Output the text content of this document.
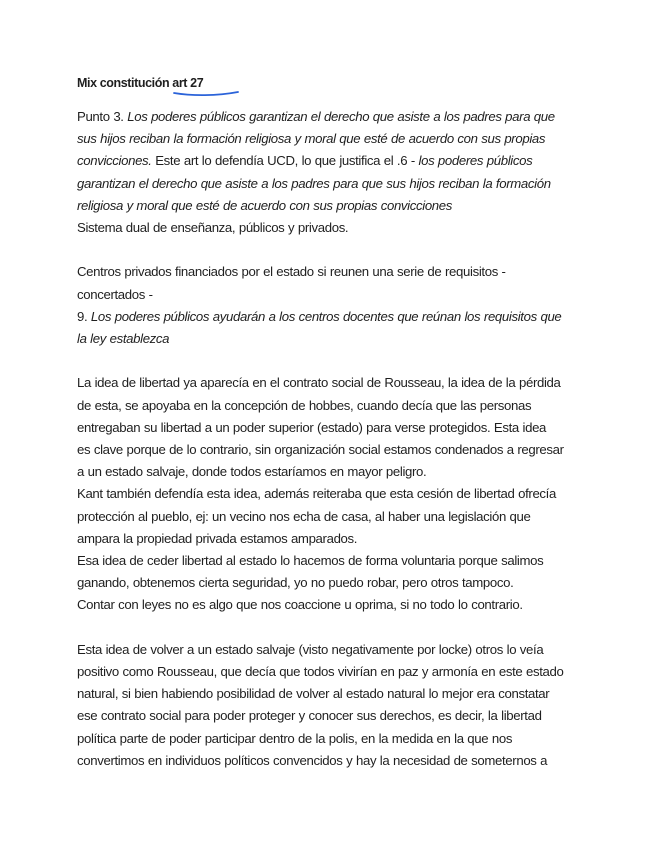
Mix constitución art 27

Punto 3. Los poderes públicos garantizan el derecho que asiste a los padres para que
sus hijos reciban la formación religiosa y moral que esté de acuerdo con sus propias
convicciones. Este art lo defendía UCD, lo que justifica el .6 - los poderes públicos
garantizan el derecho que asiste a los padres para que sus hijos reciban la formación
religiosa y moral que esté de acuerdo con sus propias convicciones
Sistema dual de enseñanza, públicos y privados.

Centros privados financiados por el estado si reunen una serie de requisitos -
concertados -
9. Los poderes públicos ayudarán a los centros docentes que reúnan los requisitos que
la ley establezca

La idea de libertad ya aparecía en el contrato social de Rousseau, la idea de la pérdida
de esta, se apoyaba en la concepción de hobbes, cuando decía que las personas
entregaban su libertad a un poder superior (estado) para verse protegidos. Esta idea
es clave porque de lo contrario, sin organización social estamos condenados a regresar
a un estado salvaje, donde todos estaríamos en mayor peligro.
Kant también defendía esta idea, además reiteraba que esta cesión de libertad ofrecía
protección al pueblo, ej: un vecino nos echa de casa, al haber una legislación que
ampara la propiedad privada estamos amparados.
Esa idea de ceder libertad al estado lo hacemos de forma voluntaria porque salimos
ganando, obtenemos cierta seguridad, yo no puedo robar, pero otros tampoco.
Contar con leyes no es algo que nos coaccione u oprima, si no todo lo contrario.

Esta idea de volver a un estado salvaje (visto negativamente por locke) otros lo veía
positivo como Rousseau, que decía que todos vivirían en paz y armonía en este estado
natural, si bien habiendo posibilidad de volver al estado natural lo mejor era constatar
ese contrato social para poder proteger y conocer sus derechos, es decir, la libertad
política parte de poder participar dentro de la polis, en la medida en la que nos
convertimos en individuos políticos convencidos y hay la necesidad de someternos a
